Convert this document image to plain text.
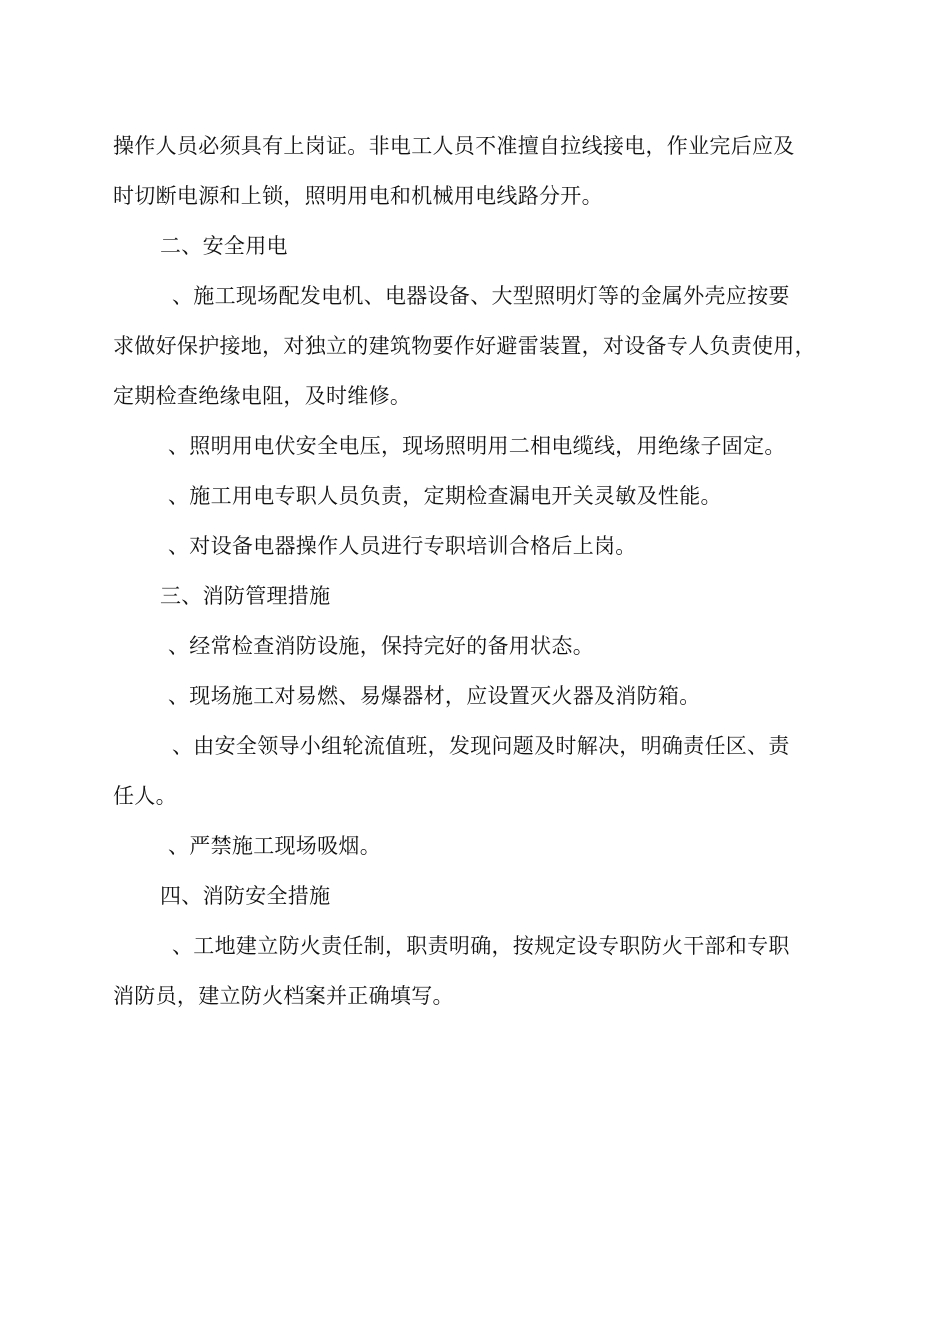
操作人员必须具有上岗证。非电工人员不准擅自拉线接电，作业完后应及
时切断电源和上锁，照明用电和机械用电线路分开。
二、安全用电
、施工现场配发电机、电器设备、大型照明灯等的金属外壳应按要
求做好保护接地，对独立的建筑物要作好避雷装置，对设备专人负责使用，
定期检查绝缘电阻，及时维修。
、照明用电伏安全电压，现场照明用二相电缆线，用绝缘子固定。
、施工用电专职人员负责，定期检查漏电开关灵敏及性能。
、对设备电器操作人员进行专职培训合格后上岗。
三、消防管理措施
、经常检查消防设施，保持完好的备用状态。
、现场施工对易燃、易爆器材，应设置灭火器及消防箱。
、由安全领导小组轮流值班，发现问题及时解决，明确责任区、责
任人。
、严禁施工现场吸烟。
四、消防安全措施
、工地建立防火责任制，职责明确，按规定设专职防火干部和专职
消防员，建立防火档案并正确填写。
